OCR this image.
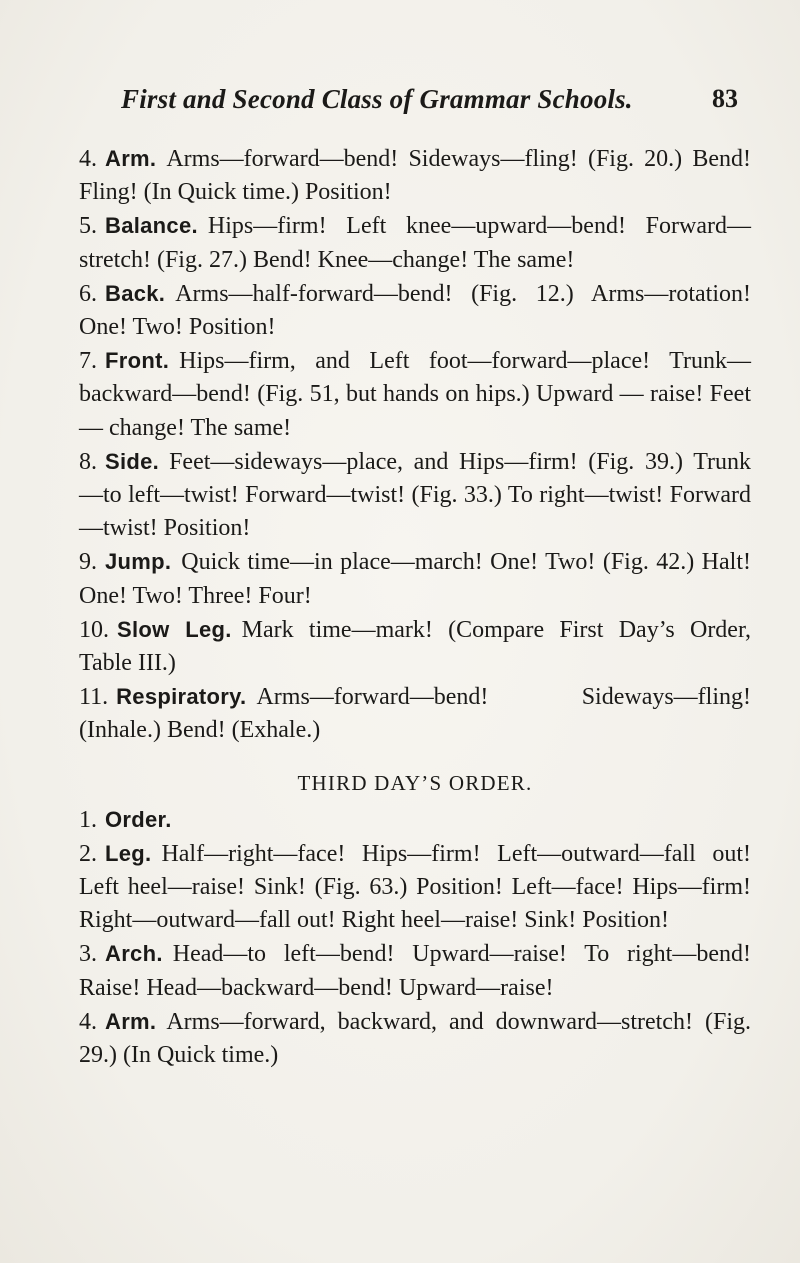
First and Second Class of Grammar Schools.	83

4. Arm. Arms—forward—bend! Sideways—fling! (Fig. 20.) Bend! Fling! (In Quick time.) Position!

5. Balance. Hips—firm! Left knee—upward—bend! Forward—stretch! (Fig. 27.) Bend! Knee—change! The same!

6. Back. Arms—half-forward—bend! (Fig. 12.) Arms—rotation! One! Two! Position!

7. Front. Hips—firm, and Left foot—forward—place! Trunk—backward—bend! (Fig. 51, but hands on hips.) Upward — raise! Feet — change! The same!

8. Side. Feet—sideways—place, and Hips—firm! (Fig. 39.) Trunk—to left—twist! Forward—twist! (Fig. 33.) To right—twist! Forward—twist! Position!

9. Jump. Quick time—in place—march! One! Two! (Fig. 42.) Halt! One! Two! Three! Four!

10. Slow Leg. Mark time—mark! (Compare First Day’s Order, Table III.)

11. Respiratory. Arms—forward—bend! Sideways—fling! (Inhale.) Bend! (Exhale.)

THIRD DAY’S ORDER.

1. Order.

2. Leg. Half—right—face! Hips—firm! Left—outward—fall out! Left heel—raise! Sink! (Fig. 63.) Position! Left—face! Hips—firm! Right—outward—fall out! Right heel—raise! Sink! Position!

3. Arch. Head—to left—bend! Upward—raise! To right—bend! Raise! Head—backward—bend! Upward—raise!

4. Arm. Arms—forward, backward, and downward—stretch! (Fig. 29.) (In Quick time.)
